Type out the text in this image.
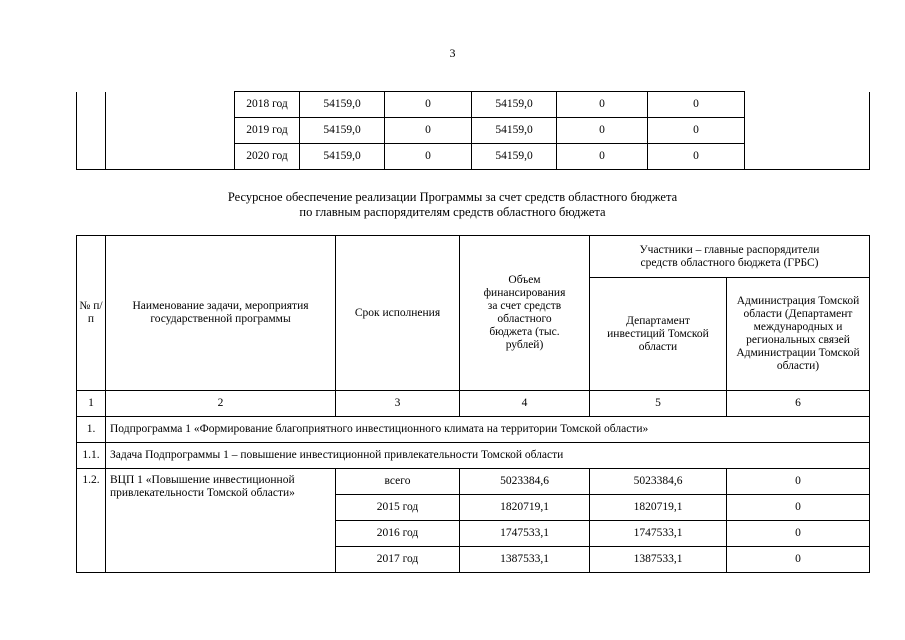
3
		2018 год	54159,0	0	54159,0	0	0	
		2019 год	54159,0	0	54159,0	0	0	
		2020 год	54159,0	0	54159,0	0	0	
Ресурсное обеспечение реализации Программы за счет средств областного бюджета
по главным распорядителям средств областного бюджета
№ п/п	Наименование задачи, мероприятия государственной программы	Срок исполнения	Объем финансирования за счет средств областного бюджета (тыс. рублей)	Участники – главные распорядители средств областного бюджета (ГРБС)	
				Департамент инвестиций Томской области	Администрация Томской области (Департамент международных и региональных связей Администрации Томской области)
1	2	3	4	5	6
1.	Подпрограмма 1 «Формирование благоприятного инвестиционного климата на территории Томской области»				
1.1.	Задача Подпрограммы 1 – повышение инвестиционной привлекательности Томской области				
1.2.	ВЦП 1 «Повышение инвестиционной привлекательности Томской области»	всего	5023384,6	5023384,6	0
		2015 год	1820719,1	1820719,1	0
		2016 год	1747533,1	1747533,1	0
		2017 год	1387533,1	1387533,1	0
